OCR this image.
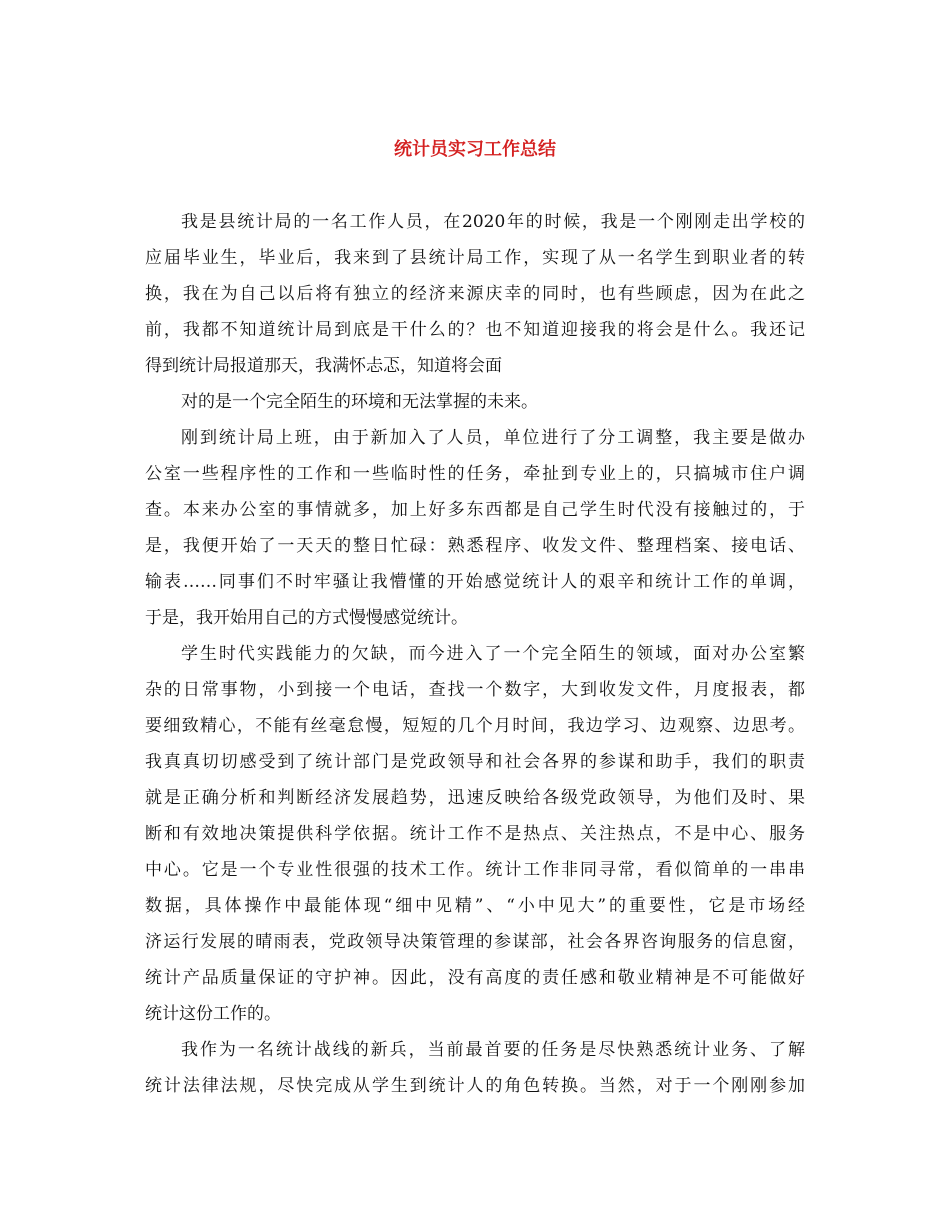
统计员实习工作总结
我是县统计局的一名工作人员，在2020年的时候，我是一个刚刚走出学校的
应届毕业生，毕业后，我来到了县统计局工作，实现了从一名学生到职业者的转
换，我在为自己以后将有独立的经济来源庆幸的同时，也有些顾虑，因为在此之
前，我都不知道统计局到底是干什么的？也不知道迎接我的将会是什么。我还记
得到统计局报道那天，我满怀忐忑，知道将会面
对的是一个完全陌生的环境和无法掌握的未来。
刚到统计局上班，由于新加入了人员，单位进行了分工调整，我主要是做办
公室一些程序性的工作和一些临时性的任务，牵扯到专业上的，只搞城市住户调
查。本来办公室的事情就多，加上好多东西都是自己学生时代没有接触过的，于
是，我便开始了一天天的整日忙碌：熟悉程序、收发文件、整理档案、接电话、
输表……同事们不时牢骚让我懵懂的开始感觉统计人的艰辛和统计工作的单调，
于是，我开始用自己的方式慢慢感觉统计。
学生时代实践能力的欠缺，而今进入了一个完全陌生的领域，面对办公室繁
杂的日常事物，小到接一个电话，查找一个数字，大到收发文件，月度报表，都
要细致精心，不能有丝毫怠慢，短短的几个月时间，我边学习、边观察、边思考。
我真真切切感受到了统计部门是党政领导和社会各界的参谋和助手，我们的职责
就是正确分析和判断经济发展趋势，迅速反映给各级党政领导，为他们及时、果
断和有效地决策提供科学依据。统计工作不是热点、关注热点，不是中心、服务
中心。它是一个专业性很强的技术工作。统计工作非同寻常，看似简单的一串串
数据，具体操作中最能体现“细中见精”、“小中见大”的重要性，它是市场经
济运行发展的晴雨表，党政领导决策管理的参谋部，社会各界咨询服务的信息窗，
统计产品质量保证的守护神。因此，没有高度的责任感和敬业精神是不可能做好
统计这份工作的。
我作为一名统计战线的新兵，当前最首要的任务是尽快熟悉统计业务、了解
统计法律法规，尽快完成从学生到统计人的角色转换。当然，对于一个刚刚参加
